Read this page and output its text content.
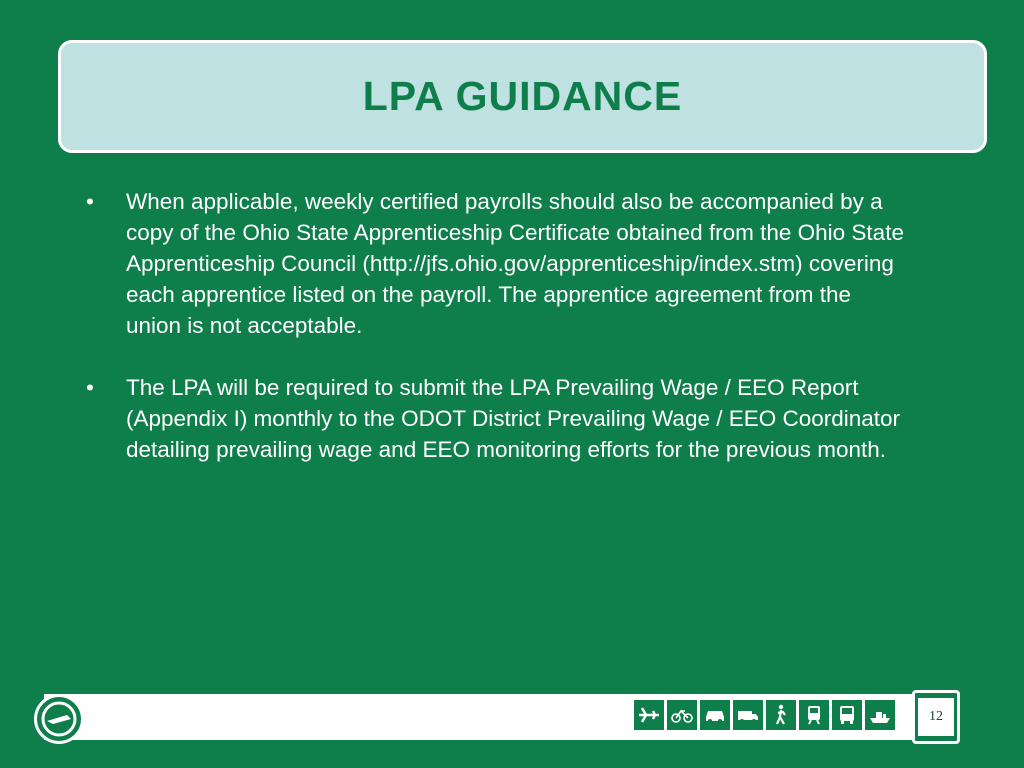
LPA GUIDANCE
• When applicable, weekly certified payrolls should also be accompanied by a copy of the Ohio State Apprenticeship Certificate obtained from the Ohio State Apprenticeship Council (http://jfs.ohio.gov/apprenticeship/index.stm) covering each apprentice listed on the payroll. The apprentice agreement from the union is not acceptable.
• The LPA will be required to submit the LPA Prevailing Wage / EEO Report (Appendix I) monthly to the ODOT District Prevailing Wage / EEO Coordinator detailing prevailing wage and EEO monitoring efforts for the previous month.
12
